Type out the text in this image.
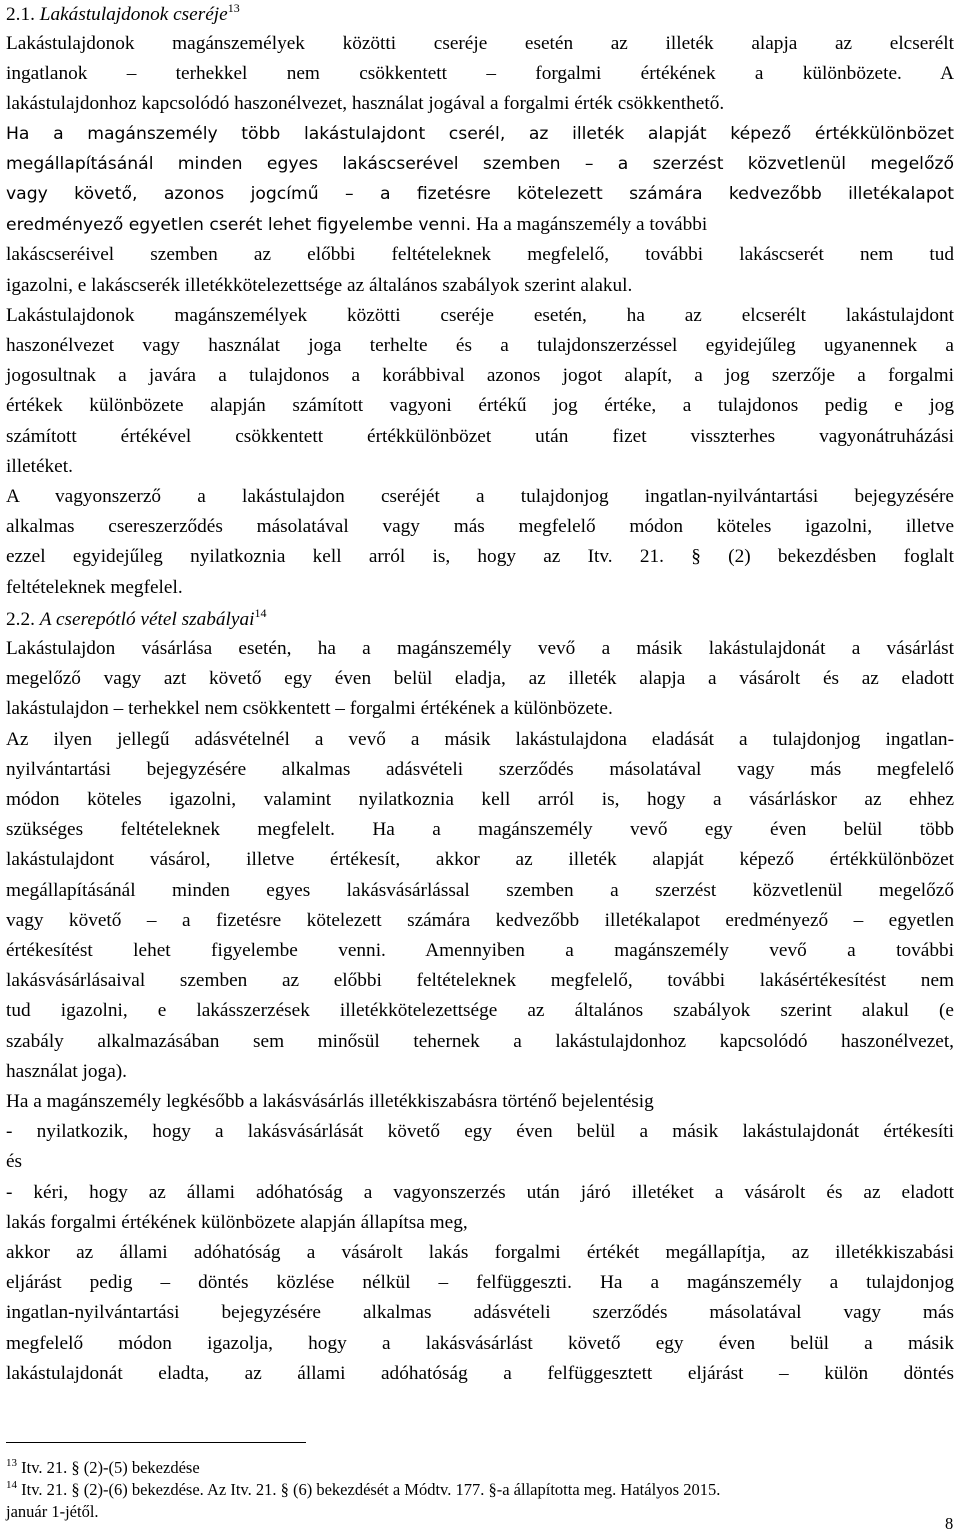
2.1. Lakástulajdonok cseréje$^{13}$
Lakástulajdonok magánszemélyek közötti cseréje esetén az illeték alapja az elcserélt
ingatlanok – terhekkel nem csökkentett – forgalmi értékének a különbözete. A
lakástulajdonhoz kapcsolódó haszonélvezet, használat jogával a forgalmi érték csökkenthető.
Ha a magánszemély több lakástulajdont cserél, az illeték alapját képező értékkülönbözet
megállapításánál minden egyes lakáscserével szemben – a szerzést közvetlenül megelőző
vagy követő, azonos jogcímű – a fizetésre kötelezett számára kedvezőbb illetékalapot
eredményező egyetlen cserét lehet figyelembe venni. Ha a magánszemély a további
lakáscseréivel szemben az előbbi feltételeknek megfelelő, további lakáscserét nem tud
igazolni, e lakáscserék illetékkötelezettsége az általános szabályok szerint alakul.
Lakástulajdonok magánszemélyek közötti cseréje esetén, ha az elcserélt lakástulajdont
haszonélvezet vagy használat joga terhelte és a tulajdonszerzéssel egyidejűleg ugyanennek a
jogosultnak a javára a tulajdonos a korábbival azonos jogot alapít, a jog szerzője a forgalmi
értékek különbözete alapján számított vagyoni értékű jog értéke, a tulajdonos pedig e jog
számított értékével csökkentett értékkülönbözet után fizet visszterhes vagyonátruházási
illetéket.
A vagyonszerző a lakástulajdon cseréjét a tulajdonjog ingatlan-nyilvántartási bejegyzésére
alkalmas csereszerződés másolatával vagy más megfelelő módon köteles igazolni, illetve
ezzel egyidejűleg nyilatkoznia kell arról is, hogy az Itv. 21. § (2) bekezdésben foglalt
feltételeknek megfelel.
2.2. A cserepótló vétel szabályai$^{14}$
Lakástulajdon vásárlása esetén, ha a magánszemély vevő a másik lakástulajdonát a vásárlást
megelőző vagy azt követő egy éven belül eladja, az illeték alapja a vásárolt és az eladott
lakástulajdon – terhekkel nem csökkentett – forgalmi értékének a különbözete.
Az ilyen jellegű adásvételnél a vevő a másik lakástulajdona eladását a tulajdonjog ingatlan-
nyilvántartási bejegyzésére alkalmas adásvételi szerződés másolatával vagy más megfelelő
módon köteles igazolni, valamint nyilatkoznia kell arról is, hogy a vásárláskor az ehhez
szükséges feltételeknek megfelelt. Ha a magánszemély vevő egy éven belül több
lakástulajdont vásárol, illetve értékesít, akkor az illeték alapját képező értékkülönbözet
megállapításánál minden egyes lakásvásárlással szemben a szerzést közvetlenül megelőző
vagy követő – a fizetésre kötelezett számára kedvezőbb illetékalapot eredményező – egyetlen
értékesítést lehet figyelembe venni. Amennyiben a magánszemély vevő a további
lakásvásárlásaival szemben az előbbi feltételeknek megfelelő, további lakásértékesítést nem
tud igazolni, e lakásszerzések illetékkötelezettsége az általános szabályok szerint alakul (e
szabály alkalmazásában sem minősül tehernek a lakástulajdonhoz kapcsolódó haszonélvezet,
használat joga).
Ha a magánszemély legkésőbb a lakásvásárlás illetékkiszabásra történő bejelentésig
- nyilatkozik, hogy a lakásvásárlását követő egy éven belül a másik lakástulajdonát értékesíti
és
- kéri, hogy az állami adóhatóság a vagyonszerzés után járó illetéket a vásárolt és az eladott
lakás forgalmi értékének különbözete alapján állapítsa meg,
akkor az állami adóhatóság a vásárolt lakás forgalmi értékét megállapítja, az illetékkiszabási
eljárást pedig – döntés közlése nélkül – felfüggeszti. Ha a magánszemély a tulajdonjog
ingatlan-nyilvántartási bejegyzésére alkalmas adásvételi szerződés másolatával vagy más
megfelelő módon igazolja, hogy a lakásvásárlást követő egy éven belül a másik
lakástulajdonát eladta, az állami adóhatóság a felfüggesztett eljárást – külön döntés
$^{13}$ Itv. 21. § (2)-(5) bekezdése
$^{14}$ Itv. 21. § (2)-(6) bekezdése. Az Itv. 21. § (6) bekezdését a Módtv. 177. §-a állapította meg. Hatályos 2015.
január 1-jétől.
8
